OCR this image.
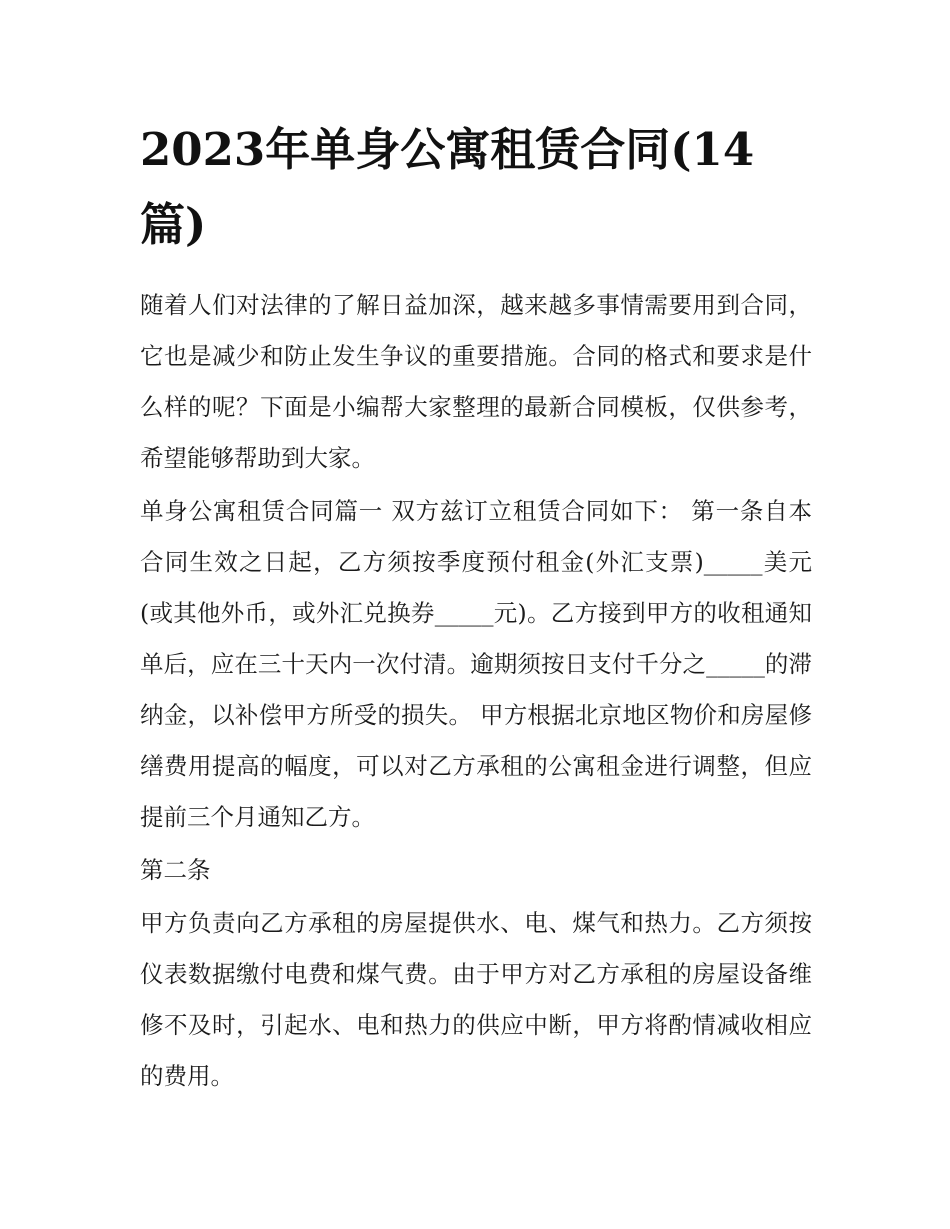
2023年单身公寓租赁合同(14篇)

随着人们对法律的了解日益加深，越来越多事情需要用到合同，它也是减少和防止发生争议的重要措施。合同的格式和要求是什么样的呢？下面是小编帮大家整理的最新合同模板，仅供参考，希望能够帮助到大家。

单身公寓租赁合同篇一 双方兹订立租赁合同如下： 第一条自本合同生效之日起，乙方须按季度预付租金(外汇支票)_____美元(或其他外币，或外汇兑换券_____元)。乙方接到甲方的收租通知单后，应在三十天内一次付清。逾期须按日支付千分之_____的滞纳金，以补偿甲方所受的损失。 甲方根据北京地区物价和房屋修缮费用提高的幅度，可以对乙方承租的公寓租金进行调整，但应提前三个月通知乙方。

第二条

甲方负责向乙方承租的房屋提供水、电、煤气和热力。乙方须按仪表数据缴付电费和煤气费。由于甲方对乙方承租的房屋设备维修不及时，引起水、电和热力的供应中断，甲方将酌情减收相应的费用。
